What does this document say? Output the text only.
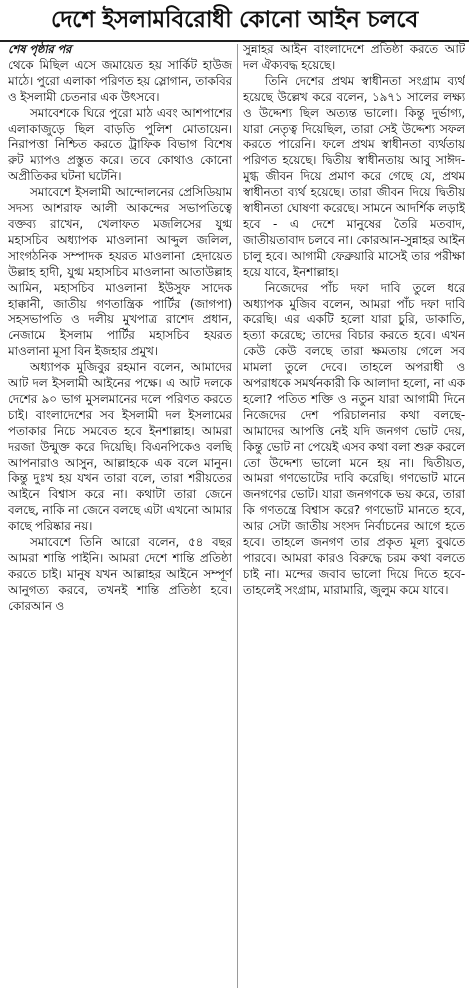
দেশে ইসলামবিরোধী কোনো আইন চলবে
শেষ পৃষ্ঠার পর

থেকে মিছিল এসে জমায়েত হয় সার্কিট হাউজ মাঠে। পুরো এলাকা পরিণত হয় স্লোগান, তাকবির ও ইসলামী চেতনার এক উৎসবে।

সমাবেশকে ঘিরে পুরো মাঠ এবং আশপাশের এলাকাজুড়ে ছিল বাড়তি পুলিশ মোতায়েন। নিরাপত্তা নিশ্চিত করতে ট্রাফিক বিভাগ বিশেষ রুট ম্যাপও প্রস্তুত করে। তবে কোথাও কোনো অপ্রীতিকর ঘটনা ঘটেনি।

সমাবেশে ইসলামী আন্দোলনের প্রেসিডিয়াম সদস্য আশরাফ আলী আকন্দের সভাপতিত্বে বক্তব্য রাখেন, খেলাফত মজলিসের যুগ্ম মহাসচিব অধ্যাপক মাওলানা আব্দুল জলিল, সাংগঠনিক সম্পাদক হযরত মাওলানা হেদায়েত উল্লাহ হাদী, যুগ্ম মহাসচিব মাওলানা আতাউল্লাহ আমিন, মহাসচিব মাওলানা ইউসুফ সাদেক হাক্কানী, জাতীয় গণতান্ত্রিক পার্টির (জাগপা) সহসভাপতি ও দলীয় মুখপাত্র রাশেদ প্রধান, নেজামে ইসলাম পার্টির মহাসচিব হযরত মাওলানা মূসা বিন ইজহার প্রমুখ।

অধ্যাপক মুজিবুর রহমান বলেন, আমাদের আট দল ইসলামী আইনের পক্ষে। এ আট দলকে দেশের ৯০ ভাগ মুসলমানের দলে পরিণত করতে চাই। বাংলাদেশের সব ইসলামী দল ইসলামের পতাকার নিচে সমবেত হবে ইনশাল্লাহ। আমরা দরজা উন্মুক্ত করে দিয়েছি। বিএনপিকেও বলছি আপনারাও আসুন, আল্লাহকে এক বলে মানুন। কিন্তু দুঃখ হয় যখন তারা বলে, তারা শরীয়তের আইনে বিশ্বাস করে না। কথাটা তারা জেনে বলছে, নাকি না জেনে বলছে এটা এখনো আমার কাছে পরিষ্কার নয়।

সমাবেশে তিনি আরো বলেন, ৫৪ বছর আমরা শান্তি পাইনি। আমরা দেশে শান্তি প্রতিষ্ঠা করতে চাই। মানুষ যখন আল্লাহর আইনে সম্পূর্ণ আনুগত্য করবে, তখনই শান্তি প্রতিষ্ঠা হবে। কোরআন ও

সুন্নাহর আইন বাংলাদেশে প্রতিষ্ঠা করতে আট দল ঐক্যবদ্ধ হয়েছে।

তিনি দেশের প্রথম স্বাধীনতা সংগ্রাম ব্যর্থ হয়েছে উল্লেখ করে বলেন, ১৯৭১ সালের লক্ষ্য ও উদ্দেশ্য ছিল অত্যন্ত ভালো। কিন্তু দুর্ভাগ্য, যারা নেতৃত্ব দিয়েছিল, তারা সেই উদ্দেশ্য সফল করতে পারেনি। ফলে প্রথম স্বাধীনতা ব্যর্থতায় পরিণত হয়েছে। দ্বিতীয় স্বাধীনতায় আবু সাঈদ-মুগ্ধ জীবন দিয়ে প্রমাণ করে গেছে যে, প্রথম স্বাধীনতা ব্যর্থ হয়েছে। তারা জীবন দিয়ে দ্বিতীয় স্বাধীনতা ঘোষণা করেছে। সামনে আদর্শিক লড়াই হবে - এ দেশে মানুষের তৈরি মতবাদ, জাতীয়তাবাদ চলবে না। কোরআন-সুন্নাহর আইন চালু হবে। আগামী ফেব্রুয়ারি মাসেই তার পরীক্ষা হয়ে যাবে, ইনশাল্লাহ।

নিজেদের পাঁচ দফা দাবি তুলে ধরে অধ্যাপক মুজিব বলেন, আমরা পাঁচ দফা দাবি করেছি। এর একটি হলো যারা চুরি, ডাকাতি, হত্যা করেছে; তাদের বিচার করতে হবে। এখন কেউ কেউ বলছে তারা ক্ষমতায় গেলে সব মামলা তুলে দেবে। তাহলে অপরাধী ও অপরাধকে সমর্থনকারী কি আলাদা হলো, না এক হলো? পতিত শক্তি ও নতুন যারা আগামী দিনে নিজেদের দেশ পরিচালনার কথা বলছে- আমাদের আপত্তি নেই যদি জনগণ ভোট দেয়, কিন্তু ভোট না পেয়েই এসব কথা বলা শুরু করলে তো উদ্দেশ্য ভালো মনে হয় না। দ্বিতীয়ত, আমরা গণভোটের দাবি করেছি। গণভোট মানে জনগণের ভোট। যারা জনগণকে ভয় করে, তারা কি গণতন্ত্রে বিশ্বাস করে? গণভোট মানতে হবে, আর সেটা জাতীয় সংসদ নির্বাচনের আগে হতে হবে। তাহলে জনগণ তার প্রকৃত মূল্য বুঝতে পারবে। আমরা কারও বিরুদ্ধে চরম কথা বলতে চাই না। মন্দের জবাব ভালো দিয়ে দিতে হবে- তাহলেই সংগ্রাম, মারামারি, জুলুম কমে যাবে।
